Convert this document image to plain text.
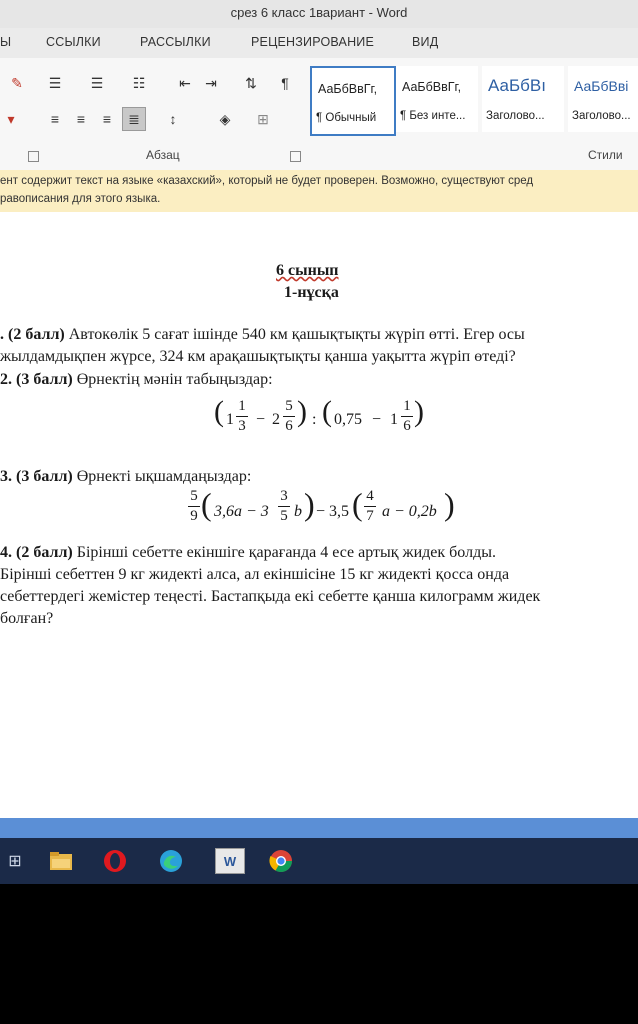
срез 6 класс 1вариант - Word
Ы	ССЫЛКИ	РАССЫЛКИ	РЕЦЕНЗИРОВАНИЕ	ВИД
✎	☰	☰	☷	⇤	⇥	⇅	¶
▾	≡	≡	≡	≣	↕	◈	⊞
Абзац	Стили
АаБбВвГг,
¶ Обычный
АаБбВвГг,
¶ Без инте...
АаБбВı
Заголово...
АаБбВві
Заголово...
ент содержит текст на языке «казахский», который не будет проверен. Возможно, существуют сред
равописания для этого языка.
6 сынып
1-нұсқа
. (2 балл) Автокөлік 5 сағат ішінде 540 км қашықтықты жүріп өтті. Егер осы
жылдамдықпен жүрсе, 324 км арақашықтықты қанша уақытта жүріп өтеді?
2. (3 балл) Өрнектің мәнін табыңыздар:
( 1
1
3 − 2
5
6 ) : ( 0,75 − 1
1
6 )
3. (3 балл) Өрнекті ықшамдаңыздар:
5
9 ( 3,6a − 3
3
5 b ) − 3,5 ( 4
7 a − 0,2b )
4. (2 балл) Бірінші себетте екіншіге қарағанда 4 есе артық жидек болды.
Бірінші себеттен 9 кг жидекті алса, ал екіншісіне 15 кг жидекті қосса онда
себеттердегі жемістер теңесті. Бастапқыда екі себетте қанша килограмм жидек
болған?
⊞	W
